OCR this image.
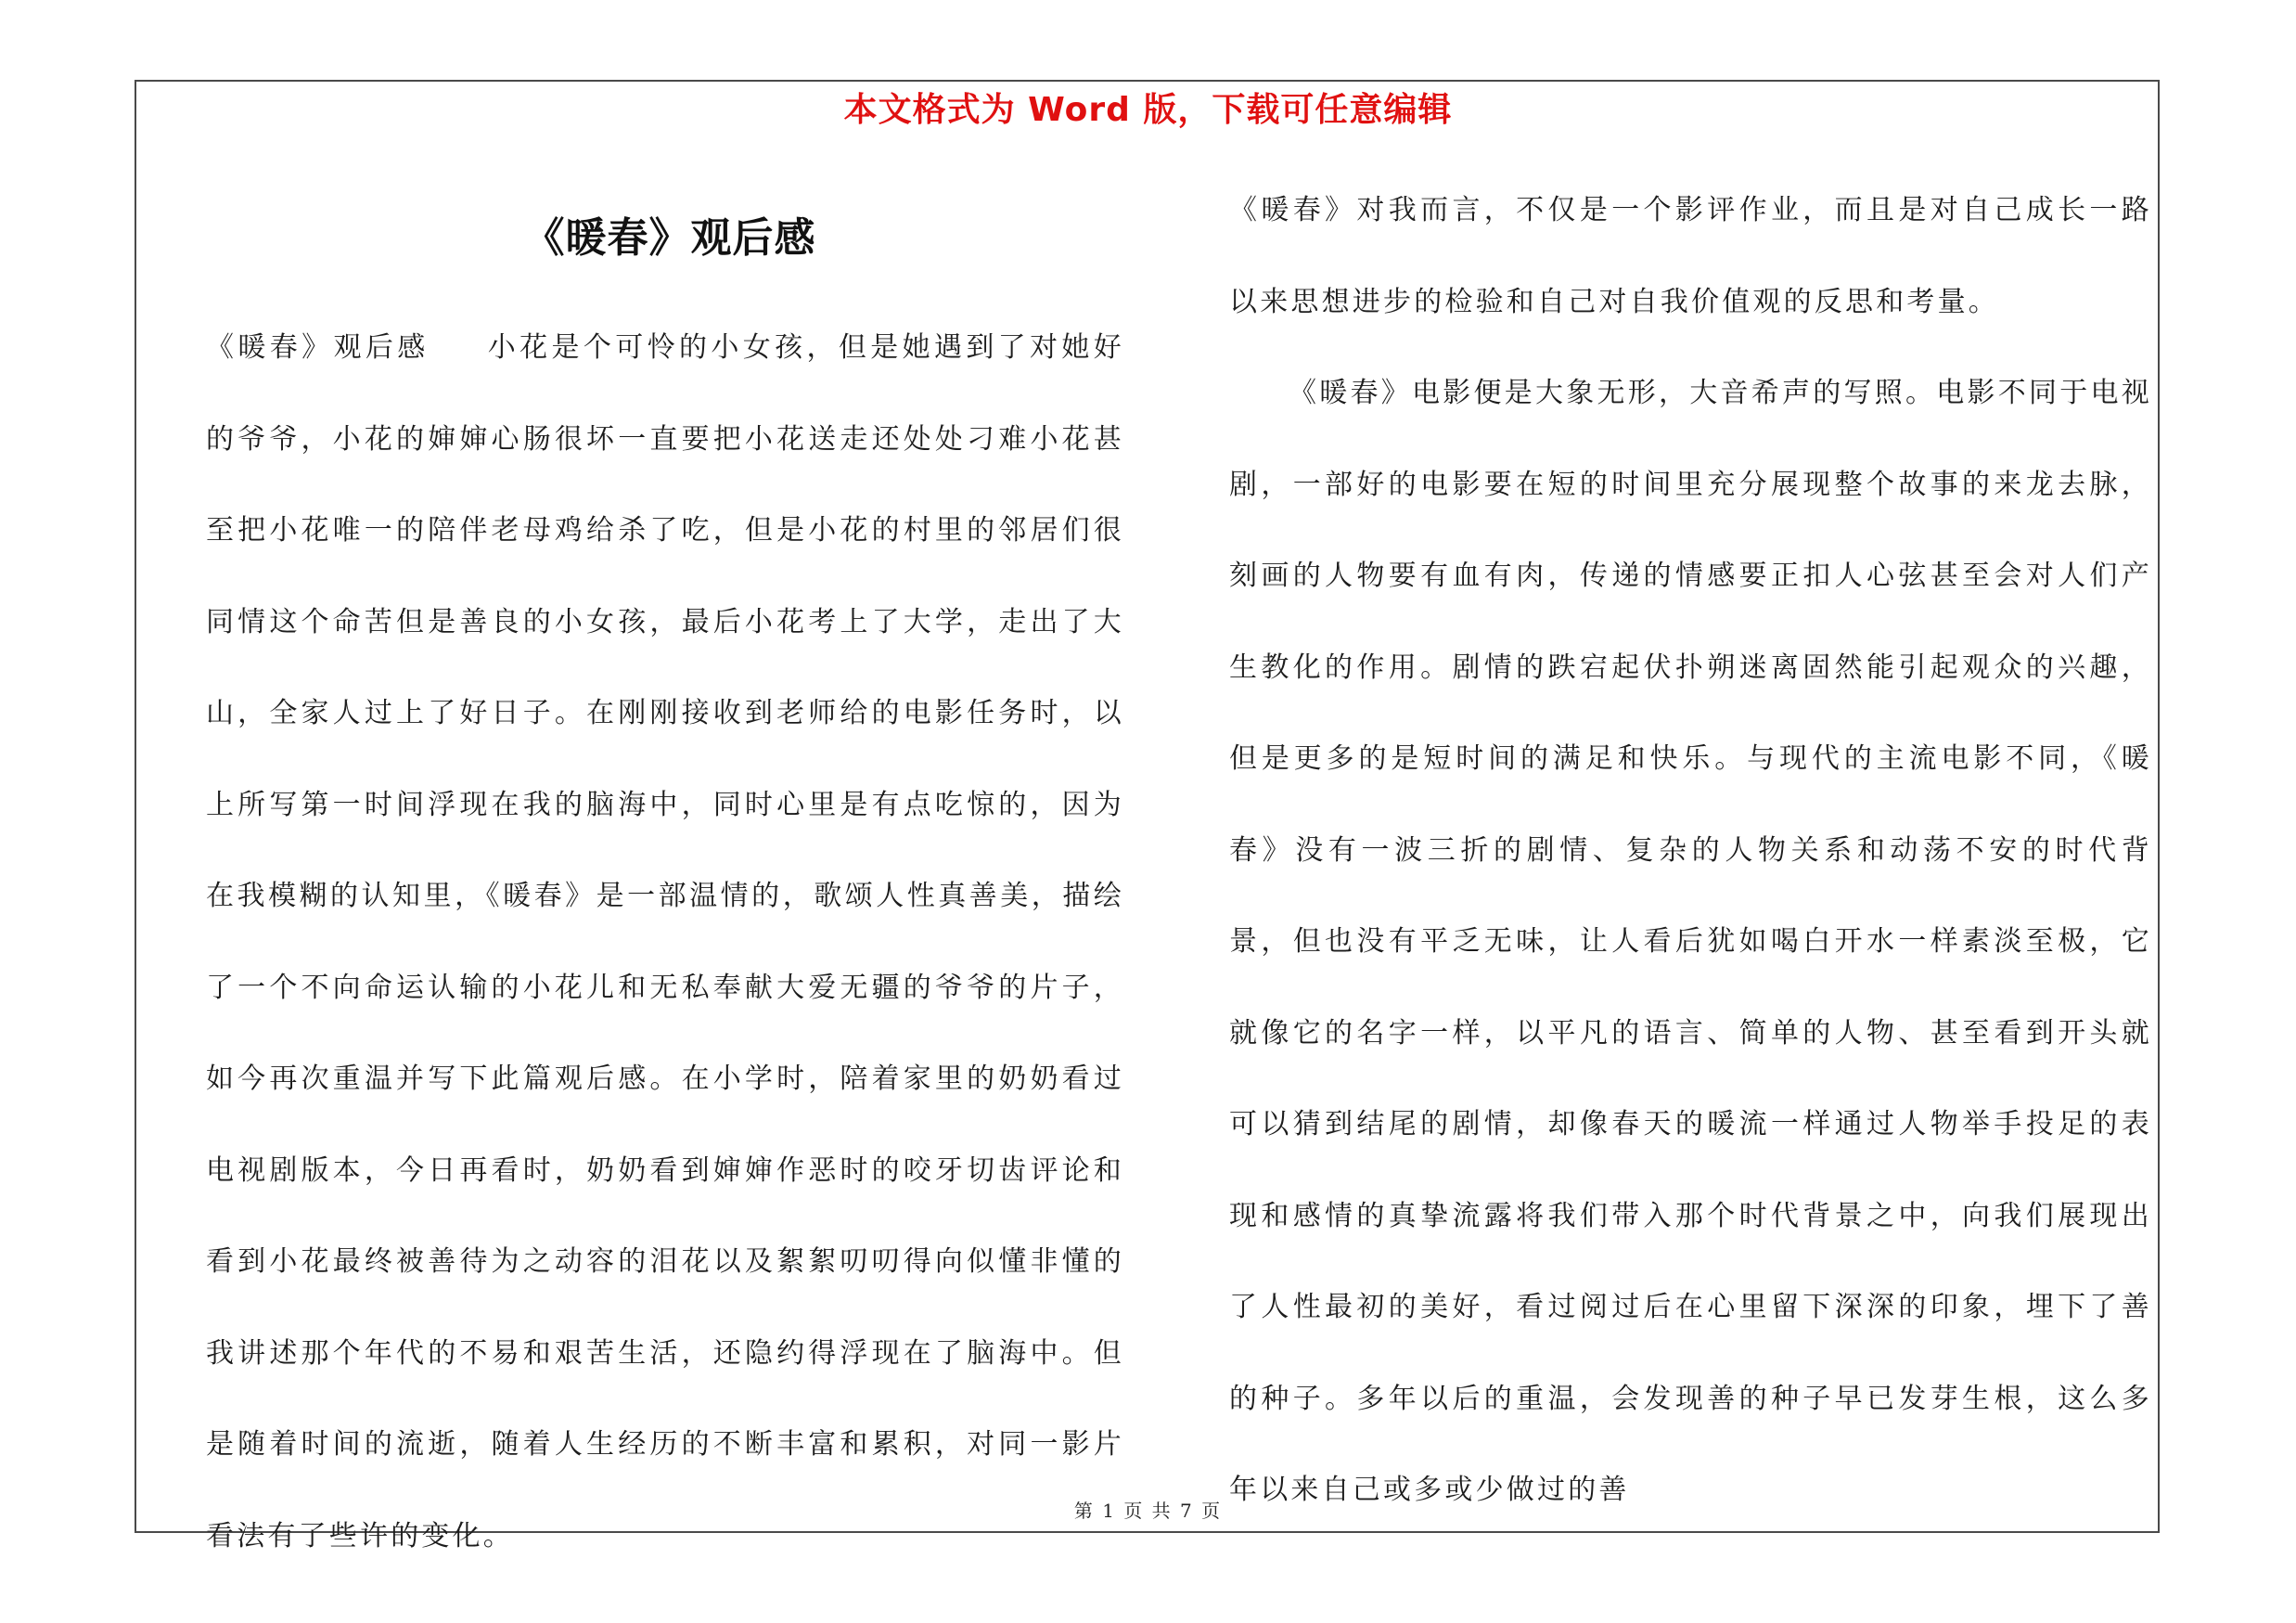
本文格式为 Word 版，下载可任意编辑
《暖春》观后感

《暖春》观后感 小花是个可怜的小女孩，但是她遇到了对她好的爷爷，小花的婶婶心肠很坏一直要把小花送走还处处刁难小花甚至把小花唯一的陪伴老母鸡给杀了吃，但是小花的村里的邻居们很同情这个命苦但是善良的小女孩，最后小花考上了大学，走出了大山，全家人过上了好日子。在刚刚接收到老师给的电影任务时，以上所写第一时间浮现在我的脑海中，同时心里是有点吃惊的，因为在我模糊的认知里，《暖春》是一部温情的，歌颂人性真善美，描绘了一个不向命运认输的小花儿和无私奉献大爱无疆的爷爷的片子，如今再次重温并写下此篇观后感。在小学时，陪着家里的奶奶看过电视剧版本，今日再看时，奶奶看到婶婶作恶时的咬牙切齿评论和看到小花最终被善待为之动容的泪花以及絮絮叨叨得向似懂非懂的我讲述那个年代的不易和艰苦生活，还隐约得浮现在了脑海中。但是随着时间的流逝，随着人生经历的不断丰富和累积，对同一影片看法有了些许的变化。

《暖春》对我而言，不仅是一个影评作业，而且是对自己成长一路以来思想进步的检验和自己对自我价值观的反思和考量。

《暖春》电影便是大象无形，大音希声的写照。电影不同于电视剧，一部好的电影要在短的时间里充分展现整个故事的来龙去脉，刻画的人物要有血有肉，传递的情感要正扣人心弦甚至会对人们产生教化的作用。剧情的跌宕起伏扑朔迷离固然能引起观众的兴趣，但是更多的是短时间的满足和快乐。与现代的主流电影不同，《暖春》没有一波三折的剧情、复杂的人物关系和动荡不安的时代背景，但也没有平乏无味，让人看后犹如喝白开水一样素淡至极，它就像它的名字一样，以平凡的语言、简单的人物、甚至看到开头就可以猜到结尾的剧情，却像春天的暖流一样通过人物举手投足的表现和感情的真挚流露将我们带入那个时代背景之中，向我们展现出了人性最初的美好，看过阅过后在心里留下深深的印象，埋下了善的种子。多年以后的重温，会发现善的种子早已发芽生根，这么多年以来自己或多或少做过的善

第 1 页 共 7 页
